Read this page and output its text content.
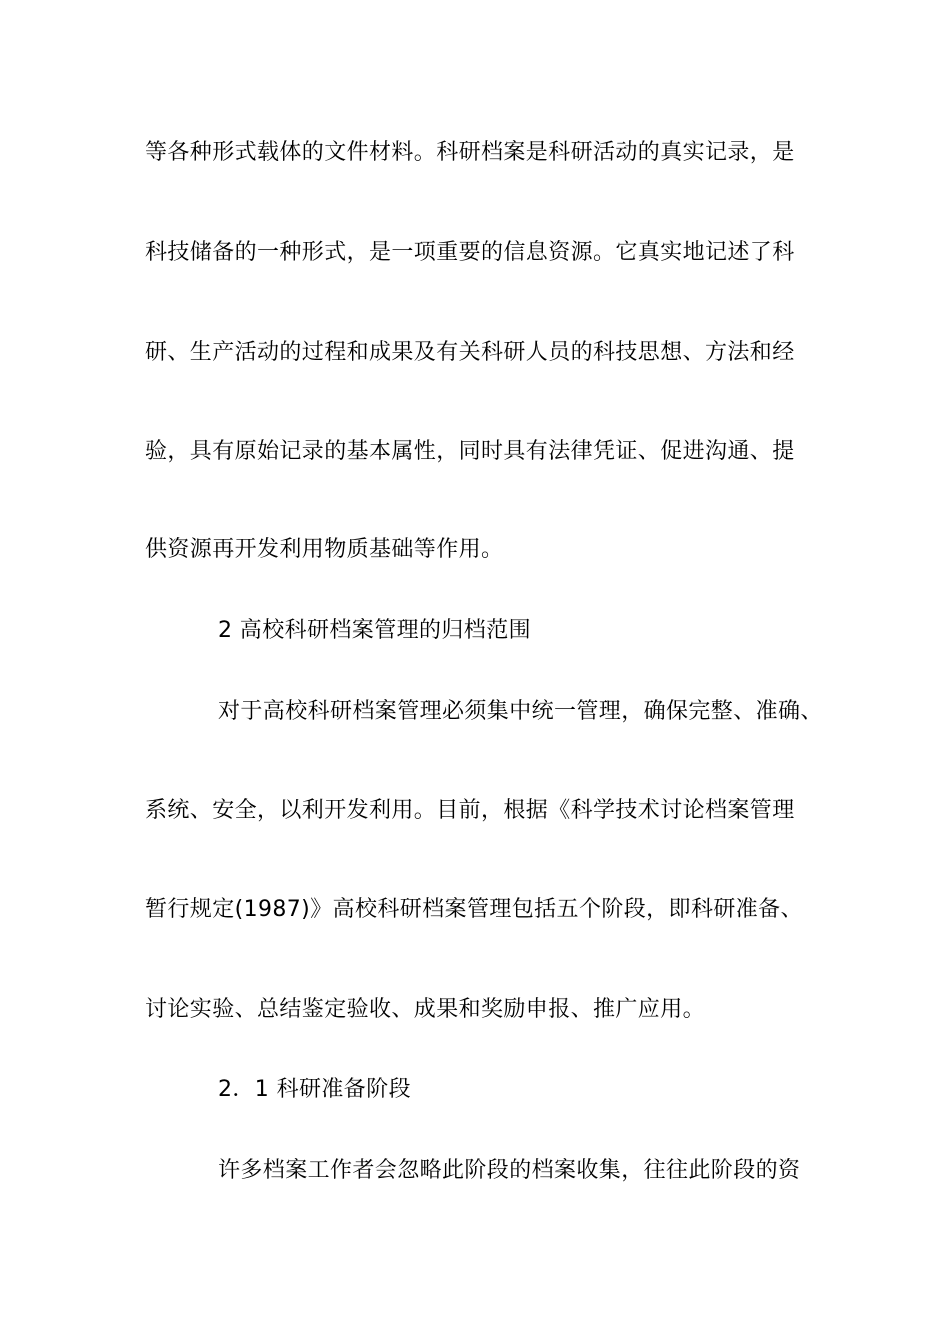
等各种形式载体的文件材料。科研档案是科研活动的真实记录，是
科技储备的一种形式，是一项重要的信息资源。它真实地记述了科
研、生产活动的过程和成果及有关科研人员的科技思想、方法和经
验，具有原始记录的基本属性，同时具有法律凭证、促进沟通、提
供资源再开发利用物质基础等作用。
2 高校科研档案管理的归档范围
对于高校科研档案管理必须集中统一管理，确保完整、准确、
系统、安全，以利开发利用。目前，根据《科学技术讨论档案管理
暂行规定(1987)》高校科研档案管理包括五个阶段，即科研准备、
讨论实验、总结鉴定验收、成果和奖励申报、推广应用。
2．1 科研准备阶段
许多档案工作者会忽略此阶段的档案收集，往往此阶段的资
